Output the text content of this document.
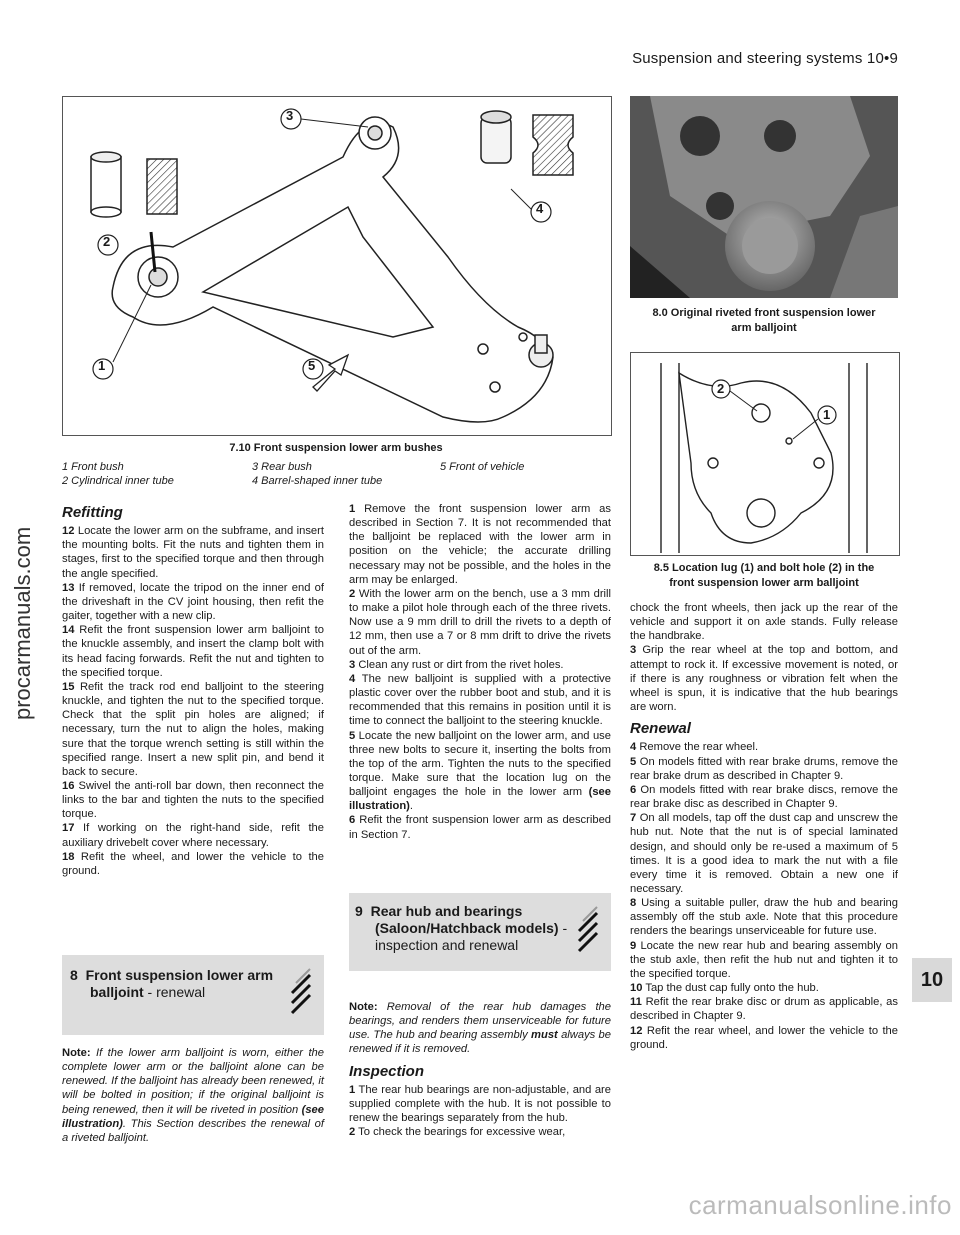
Suspension and steering systems 10•9
procarmanuals.com
3
4
2
1	5
7.10 Front suspension lower arm bushes
1 Front bush	3 Rear bush	5 Front of vehicle
2 Cylindrical inner tube	4 Barrel-shaped inner tube
8.0 Original riveted front suspension lower
arm balljoint
2
1
8.5 Location lug (1) and bolt hole (2) in the
front suspension lower arm balljoint
Refitting

12 Locate the lower arm on the subframe, and insert the mounting bolts. Fit the nuts and tighten them in stages, first to the specified torque and then through the angle specified.

13 If removed, locate the tripod on the inner end of the driveshaft in the CV joint housing, then refit the gaiter, together with a new clip.

14 Refit the front suspension lower arm balljoint to the knuckle assembly, and insert the clamp bolt with its head facing forwards. Refit the nut and tighten to the specified torque.

15 Refit the track rod end balljoint to the steering knuckle, and tighten the nut to the specified torque. Check that the split pin holes are aligned; if necessary, turn the nut to align the holes, making sure that the torque wrench setting is still within the specified range. Insert a new split pin, and bend it back to secure.

16 Swivel the anti-roll bar down, then reconnect the links to the bar and tighten the nuts to the specified torque.

17 If working on the right-hand side, refit the auxiliary drivebelt cover where necessary.

18 Refit the wheel, and lower the vehicle to the ground.

8 Front suspension lower arm
balljoint - renewal
Note: If the lower arm balljoint is worn, either the complete lower arm or the balljoint alone can be renewed. If the balljoint has already been renewed, it will be bolted in position; if the original balljoint is being renewed, then it will be riveted in position (see illustration). This Section describes the renewal of a riveted balljoint.

1 Remove the front suspension lower arm as described in Section 7. It is not recommended that the balljoint be replaced with the lower arm in position on the vehicle; the accurate drilling necessary may not be possible, and the holes in the arm may be enlarged.

2 With the lower arm on the bench, use a 3 mm drill to make a pilot hole through each of the three rivets. Now use a 9 mm drill to drill the rivets to a depth of 12 mm, then use a 7 or 8 mm drift to drive the rivets out of the arm.

3 Clean any rust or dirt from the rivet holes.

4 The new balljoint is supplied with a protective plastic cover over the rubber boot and stub, and it is recommended that this remains in position until it is time to connect the balljoint to the steering knuckle.

5 Locate the new balljoint on the lower arm, and use three new bolts to secure it, inserting the bolts from the top of the arm. Tighten the nuts to the specified torque. Make sure that the location lug on the balljoint engages the hole in the lower arm (see illustration).

6 Refit the front suspension lower arm as described in Section 7.

9 Rear hub and bearings
(Saloon/Hatchback models) -
inspection and renewal

Note: Removal of the rear hub damages the bearings, and renders them unserviceable for future use. The hub and bearing assembly must always be renewed if it is removed.

Inspection

1 The rear hub bearings are non-adjustable, and are supplied complete with the hub. It is not possible to renew the bearings separately from the hub.

2 To check the bearings for excessive wear,

chock the front wheels, then jack up the rear of the vehicle and support it on axle stands. Fully release the handbrake.

3 Grip the rear wheel at the top and bottom, and attempt to rock it. If excessive movement is noted, or if there is any roughness or vibration felt when the wheel is spun, it is indicative that the hub bearings are worn.

Renewal

4 Remove the rear wheel.

5 On models fitted with rear brake drums, remove the rear brake drum as described in Chapter 9.

6 On models fitted with rear brake discs, remove the rear brake disc as described in Chapter 9.

7 On all models, tap off the dust cap and unscrew the hub nut. Note that the nut is of special laminated design, and should only be re-used a maximum of 5 times. It is a good idea to mark the nut with a file every time it is removed. Obtain a new one if necessary.

8 Using a suitable puller, draw the hub and bearing assembly off the stub axle. Note that this procedure renders the bearings unserviceable for future use.

9 Locate the new rear hub and bearing assembly on the stub axle, then refit the hub nut and tighten it to the specified torque.

10 Tap the dust cap fully onto the hub.

11 Refit the rear brake disc or drum as applicable, as described in Chapter 9.

12 Refit the rear wheel, and lower the vehicle to the ground.

10
carmanualsonline.info
